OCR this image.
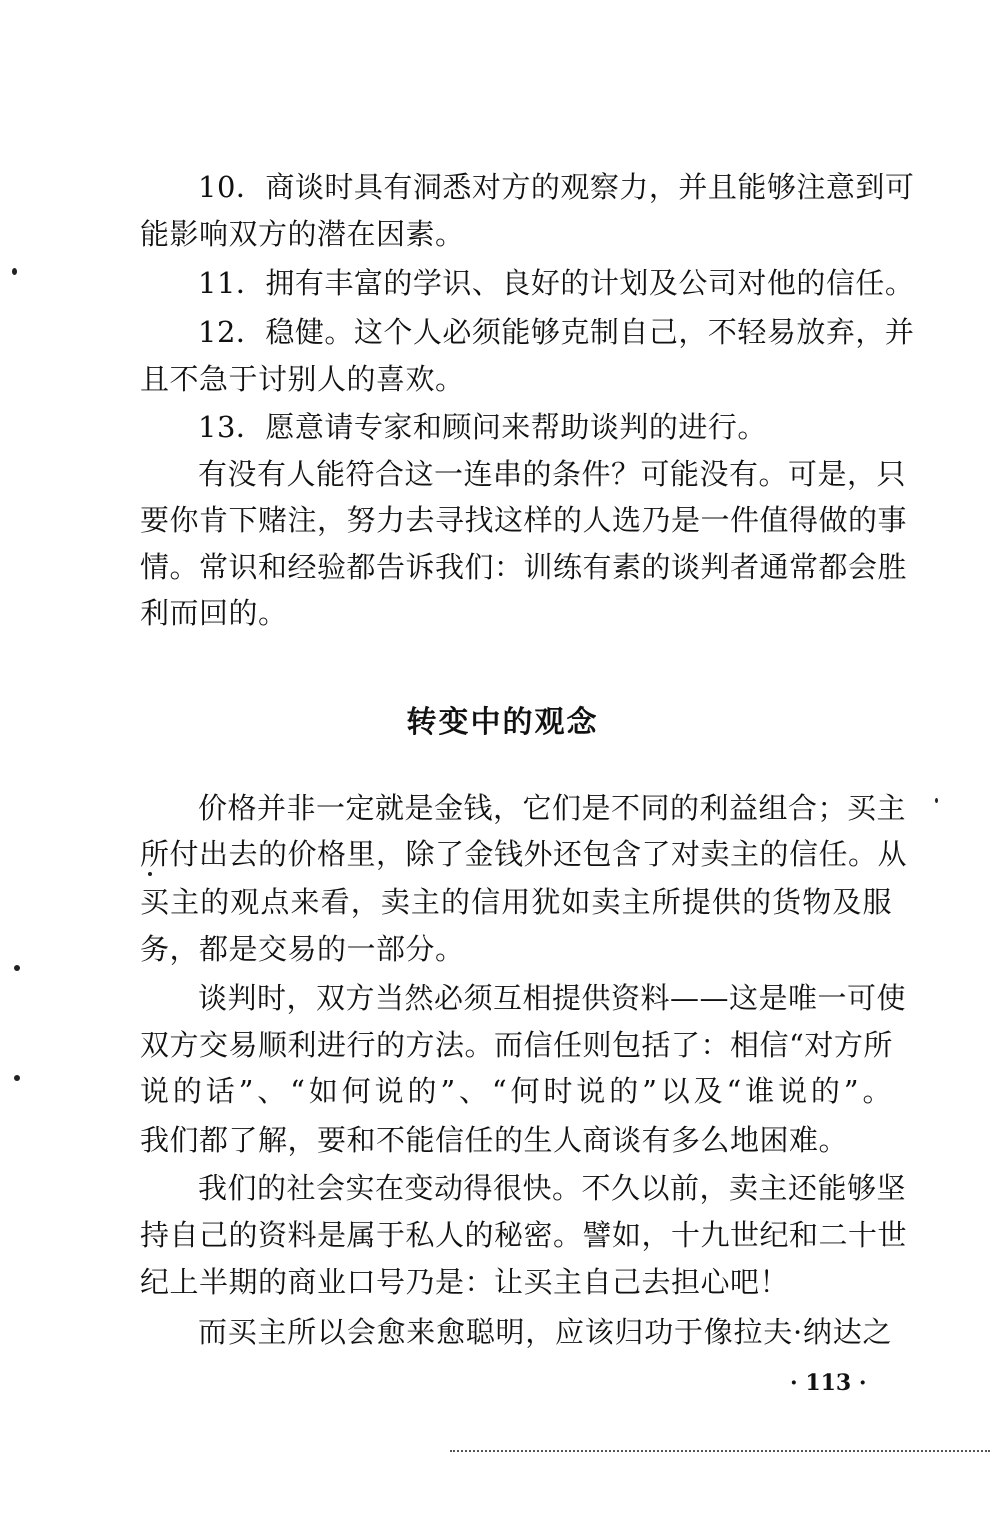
10．商谈时具有洞悉对方的观察力，并且能够注意到可
能影响双方的潜在因素。
11．拥有丰富的学识、良好的计划及公司对他的信任。
12．稳健。这个人必须能够克制自己，不轻易放弃，并
且不急于讨别人的喜欢。
13．愿意请专家和顾问来帮助谈判的进行。
有没有人能符合这一连串的条件？可能没有。可是，只
要你肯下赌注，努力去寻找这样的人选乃是一件值得做的事
情。常识和经验都告诉我们：训练有素的谈判者通常都会胜
利而回的。
转变中的观念
价格并非一定就是金钱，它们是不同的利益组合；买主
所付出去的价格里，除了金钱外还包含了对卖主的信任。从
买主的观点来看，卖主的信用犹如卖主所提供的货物及服
务，都是交易的一部分。
谈判时，双方当然必须互相提供资料——这是唯一可使
双方交易顺利进行的方法。而信任则包括了：相信“对方所
说的话”、“如何说的”、“何时说的”以及“谁说的”。
我们都了解，要和不能信任的生人商谈有多么地困难。
我们的社会实在变动得很快。不久以前，卖主还能够坚
持自己的资料是属于私人的秘密。譬如，十九世纪和二十世
纪上半期的商业口号乃是：让买主自己去担心吧！
而买主所以会愈来愈聪明，应该归功于像拉夫·纳达之
· 113 ·
